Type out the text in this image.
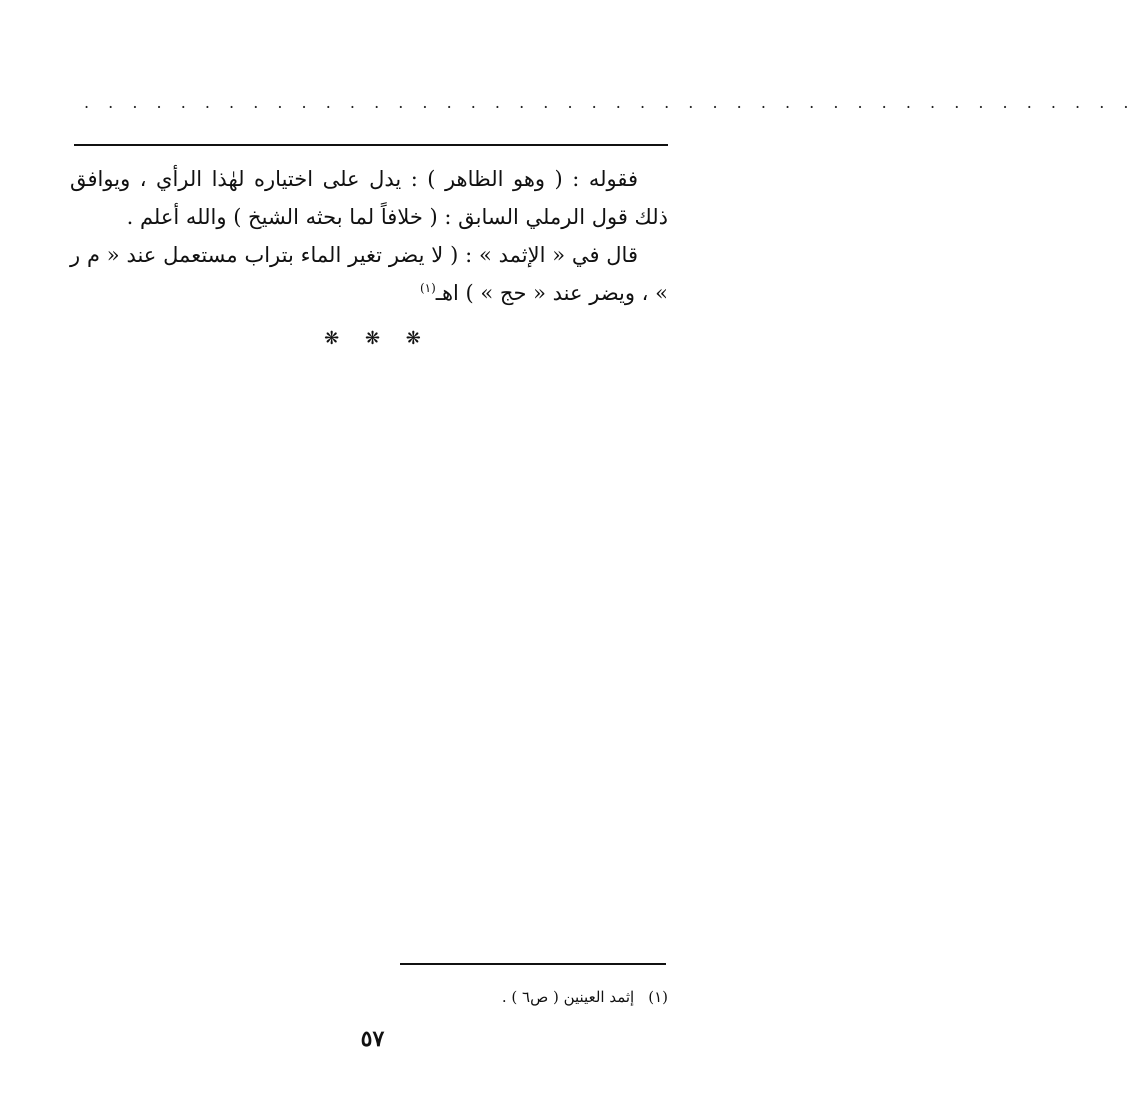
. . . . . . . . . . . . . . . . . . . . . . . . . . . . . . . . . . . . . . . . . . . .

فقوله : ( وهو الظاهر ) : يدل على اختياره لهٰذا الرأي ، ويوافق ذلك قول الرملي السابق : ( خلافاً لما بحثه الشيخ ) والله أعلم .

قال في « الإثمد » : ( لا يضر تغير الماء بتراب مستعمل عند « م ر » ، ويضر عند « حج » ) اهـ$^{(١)}$

❋ ❋ ❋
(١)إثمد العينين ( ص٦ ) .
٥٧
